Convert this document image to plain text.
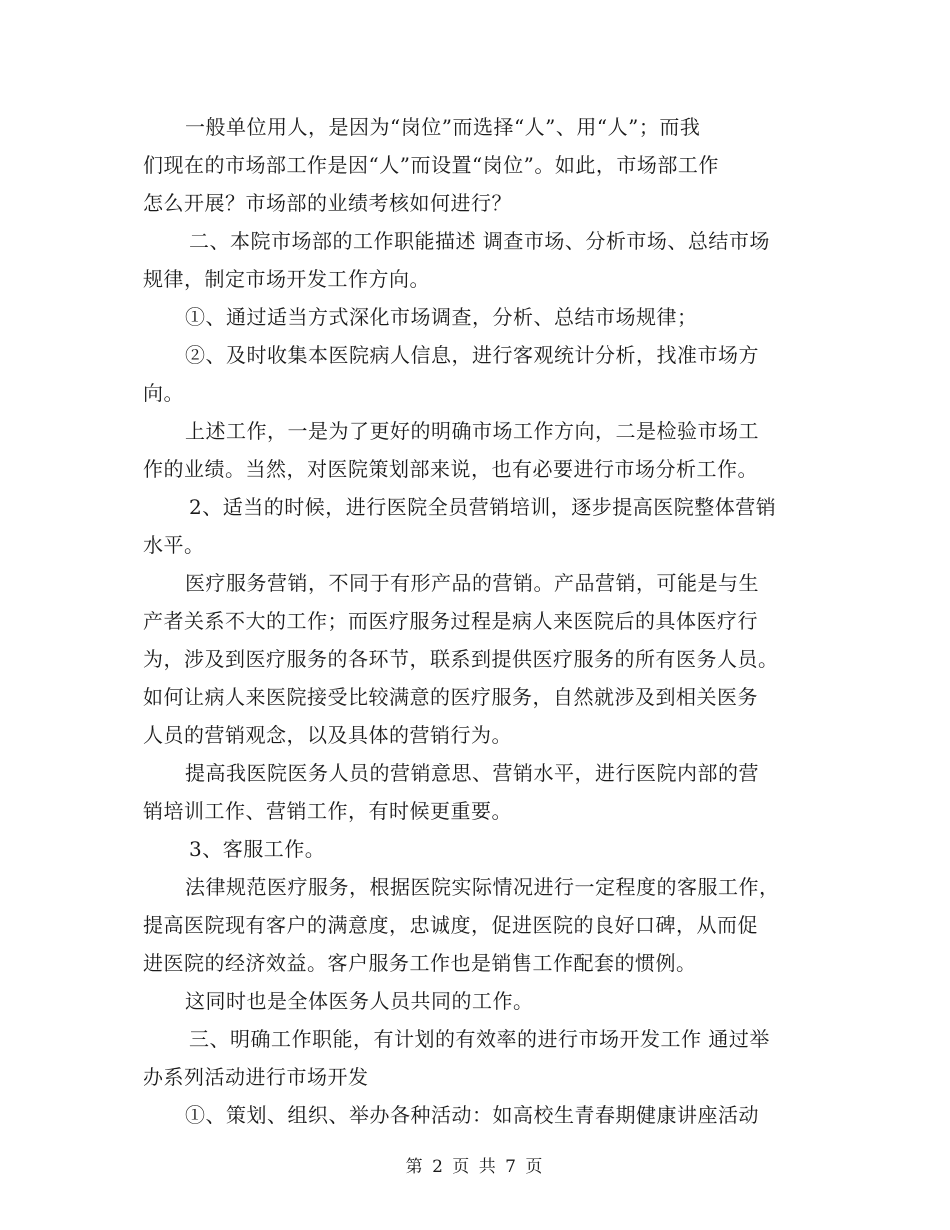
一般单位用人，是因为“岗位”而选择“人”、用“人”；而我
们现在的市场部工作是因“人”而设置“岗位”。如此，市场部工作
怎么开展？市场部的业绩考核如何进行？

二、本院市场部的工作职能描述 调查市场、分析市场、总结市场
规律，制定市场开发工作方向。

①、通过适当方式深化市场调查，分析、总结市场规律；

②、及时收集本医院病人信息，进行客观统计分析，找准市场方
向。

上述工作，一是为了更好的明确市场工作方向，二是检验市场工
作的业绩。当然，对医院策划部来说，也有必要进行市场分析工作。

2、适当的时候，进行医院全员营销培训，逐步提高医院整体营销
水平。

医疗服务营销，不同于有形产品的营销。产品营销，可能是与生
产者关系不大的工作；而医疗服务过程是病人来医院后的具体医疗行
为，涉及到医疗服务的各环节，联系到提供医疗服务的所有医务人员。
如何让病人来医院接受比较满意的医疗服务，自然就涉及到相关医务
人员的营销观念，以及具体的营销行为。

提高我医院医务人员的营销意思、营销水平，进行医院内部的营
销培训工作、营销工作，有时候更重要。

3、客服工作。

法律规范医疗服务，根据医院实际情况进行一定程度的客服工作，
提高医院现有客户的满意度，忠诚度，促进医院的良好口碑，从而促
进医院的经济效益。客户服务工作也是销售工作配套的惯例。

这同时也是全体医务人员共同的工作。

三、明确工作职能，有计划的有效率的进行市场开发工作 通过举
办系列活动进行市场开发

①、策划、组织、举办各种活动：如高校生青春期健康讲座活动

第 2 页 共 7 页
